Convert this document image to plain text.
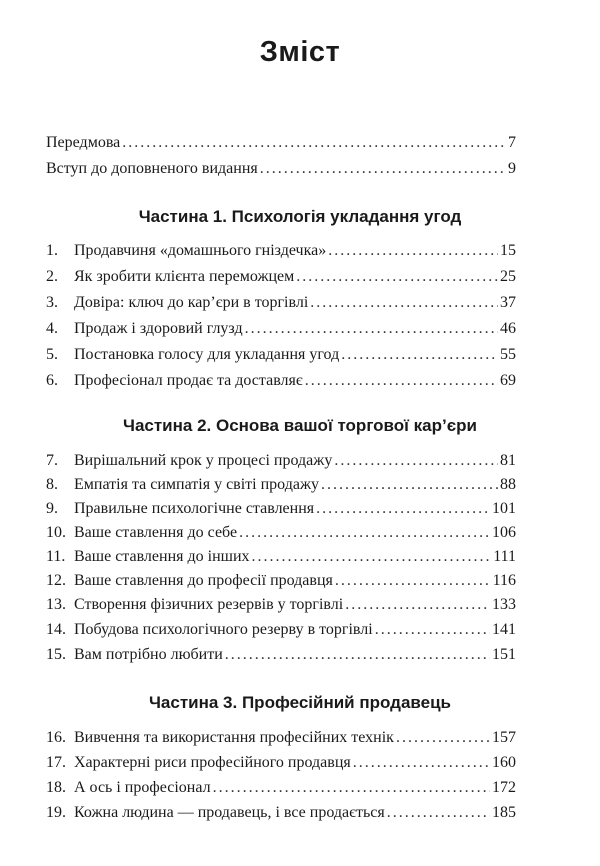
Зміст
Передмова .....	7
Вступ до доповненого видання .....	9
Частина 1. Психологія укладання угод
1.	Продавчиня «домашнього гніздечка» .....	15
2.	Як зробити клієнта переможцем .....	25
3.	Довіра: ключ до кар’єри в торгівлі .....	37
4.	Продаж і здоровий глузд .....	46
5.	Постановка голосу для укладання угод .....	55
6.	Професіонал продає та доставляє .....	69
Частина 2. Основа вашої торгової кар’єри
7.	Вирішальний крок у процесі продажу .....	81
8.	Емпатія та симпатія у світі продажу .....	88
9.	Правильне психологічне ставлення .....	101
10. Ваше ставлення до себе .....	106
11. Ваше ставлення до інших .....	111
12. Ваше ставлення до професії продавця .....	116
13. Створення фізичних резервів у торгівлі .....	133
14. Побудова психологічного резерву в торгівлі .....	141
15. Вам потрібно любити .....	151
Частина 3. Професійний продавець
16. Вивчення та використання професійних технік .....	157
17. Характерні риси професійного продавця .....	160
18. А ось і професіонал .....	172
19. Кожна людина — продавець, і все продається .....	185
